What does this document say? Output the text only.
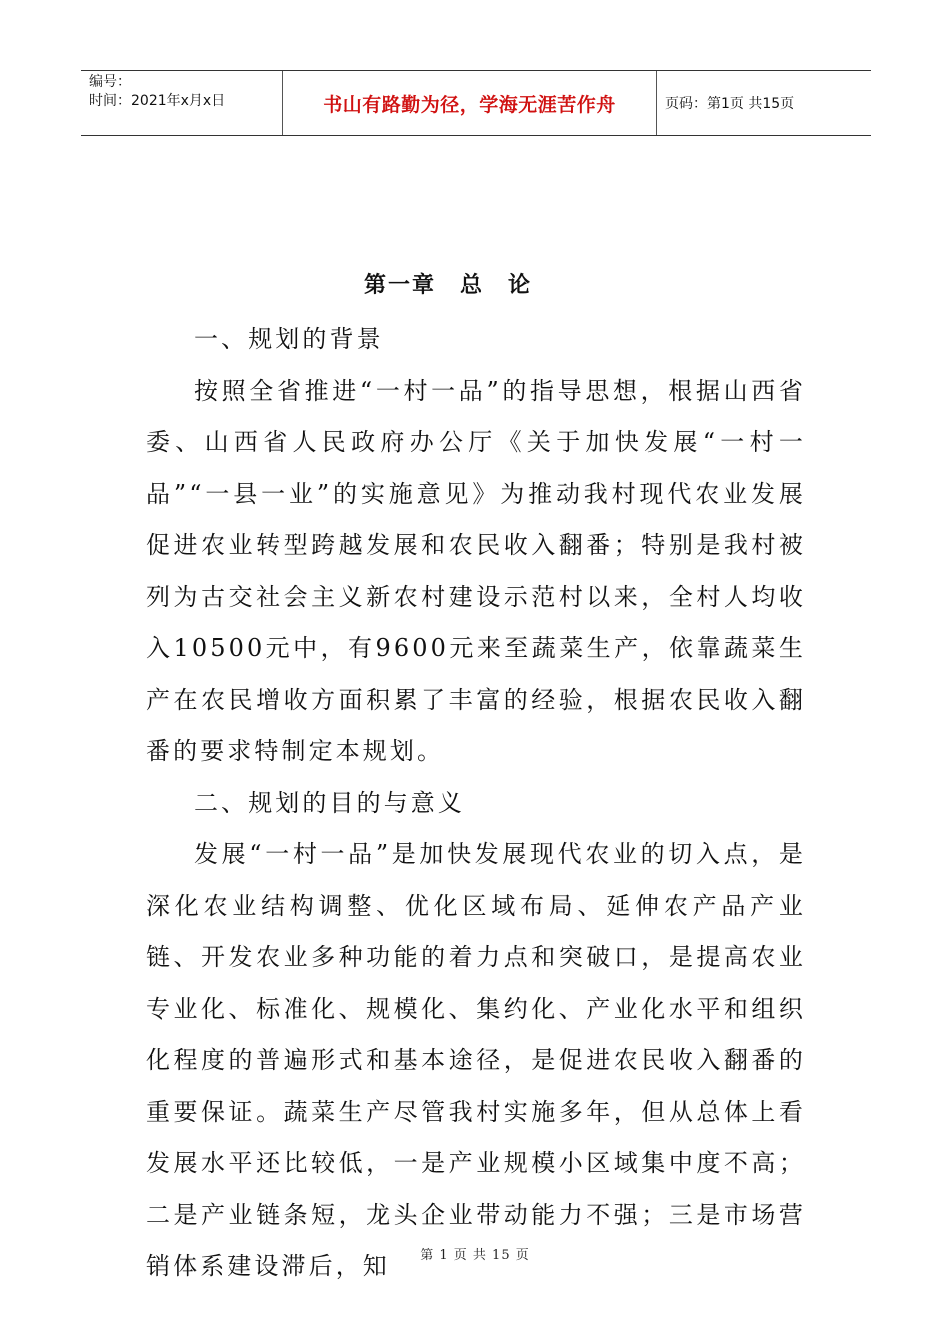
编号：
时间：2021年x月x日	书山有路勤为径，学海无涯苦作舟	页码：第1页 共15页
第一章　总　论

一、规划的背景

按照全省推进“一村一品”的指导思想，根据山西省委、山西省人民政府办公厅《关于加快发展“一村一品”“一县一业”的实施意见》为推动我村现代农业发展促进农业转型跨越发展和农民收入翻番；特别是我村被列为古交社会主义新农村建设示范村以来，全村人均收入10500元中，有9600元来至蔬菜生产，依靠蔬菜生产在农民增收方面积累了丰富的经验，根据农民收入翻番的要求特制定本规划。

二、规划的目的与意义

发展“一村一品”是加快发展现代农业的切入点，是深化农业结构调整、优化区域布局、延伸农产品产业链、开发农业多种功能的着力点和突破口，是提高农业专业化、标准化、规模化、集约化、产业化水平和组织化程度的普遍形式和基本途径，是促进农民收入翻番的重要保证。蔬菜生产尽管我村实施多年，但从总体上看发展水平还比较低，一是产业规模小区域集中度不高；二是产业链条短，龙头企业带动能力不强；三是市场营销体系建设滞后，知	第 1 页 共 15 页
